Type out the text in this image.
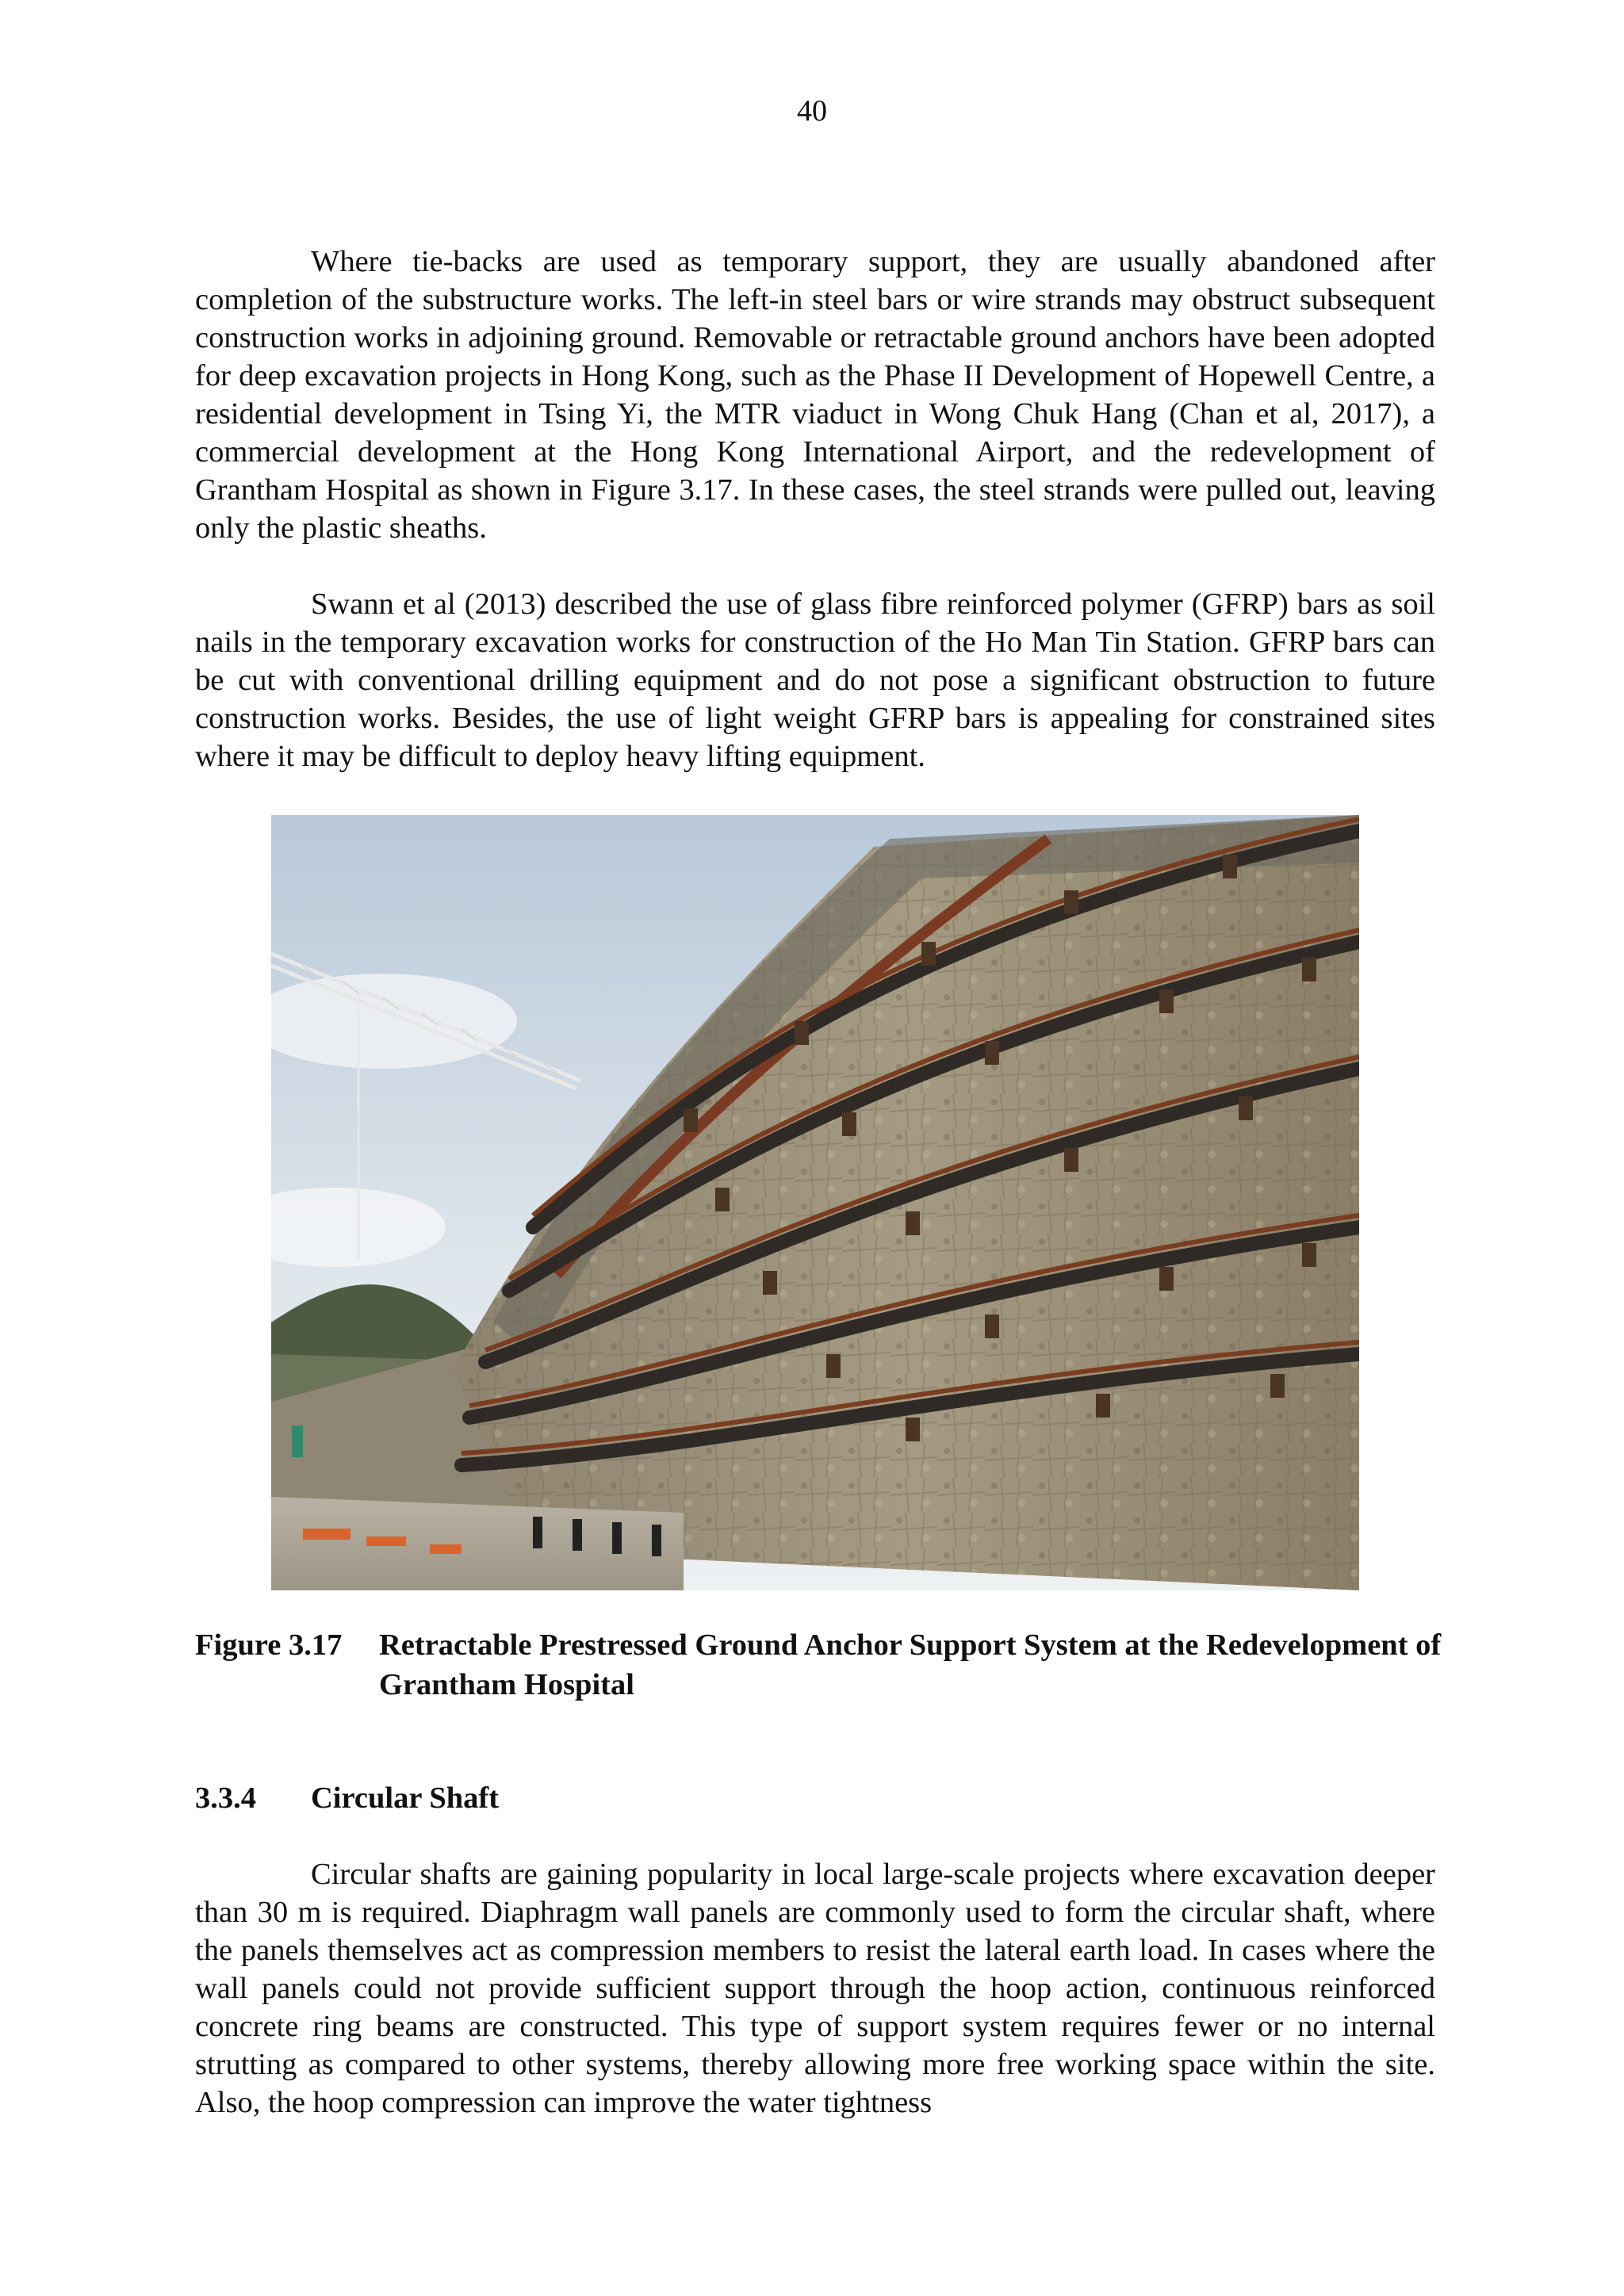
40

Where tie-backs are used as temporary support, they are usually abandoned after completion of the substructure works. The left-in steel bars or wire strands may obstruct subsequent construction works in adjoining ground. Removable or retractable ground anchors have been adopted for deep excavation projects in Hong Kong, such as the Phase II Development of Hopewell Centre, a residential development in Tsing Yi, the MTR viaduct in Wong Chuk Hang (Chan et al, 2017), a commercial development at the Hong Kong International Airport, and the redevelopment of Grantham Hospital as shown in Figure 3.17. In these cases, the steel strands were pulled out, leaving only the plastic sheaths.

Swann et al (2013) described the use of glass fibre reinforced polymer (GFRP) bars as soil nails in the temporary excavation works for construction of the Ho Man Tin Station. GFRP bars can be cut with conventional drilling equipment and do not pose a significant obstruction to future construction works. Besides, the use of light weight GFRP bars is appealing for constrained sites where it may be difficult to deploy heavy lifting equipment.

Figure 3.17 Retractable Prestressed Ground Anchor Support System at the Redevelopment of Grantham Hospital
3.3.4 Circular Shaft

Circular shafts are gaining popularity in local large-scale projects where excavation deeper than 30 m is required. Diaphragm wall panels are commonly used to form the circular shaft, where the panels themselves act as compression members to resist the lateral earth load. In cases where the wall panels could not provide sufficient support through the hoop action, continuous reinforced concrete ring beams are constructed. This type of support system requires fewer or no internal strutting as compared to other systems, thereby allowing more free working space within the site. Also, the hoop compression can improve the water tightness
